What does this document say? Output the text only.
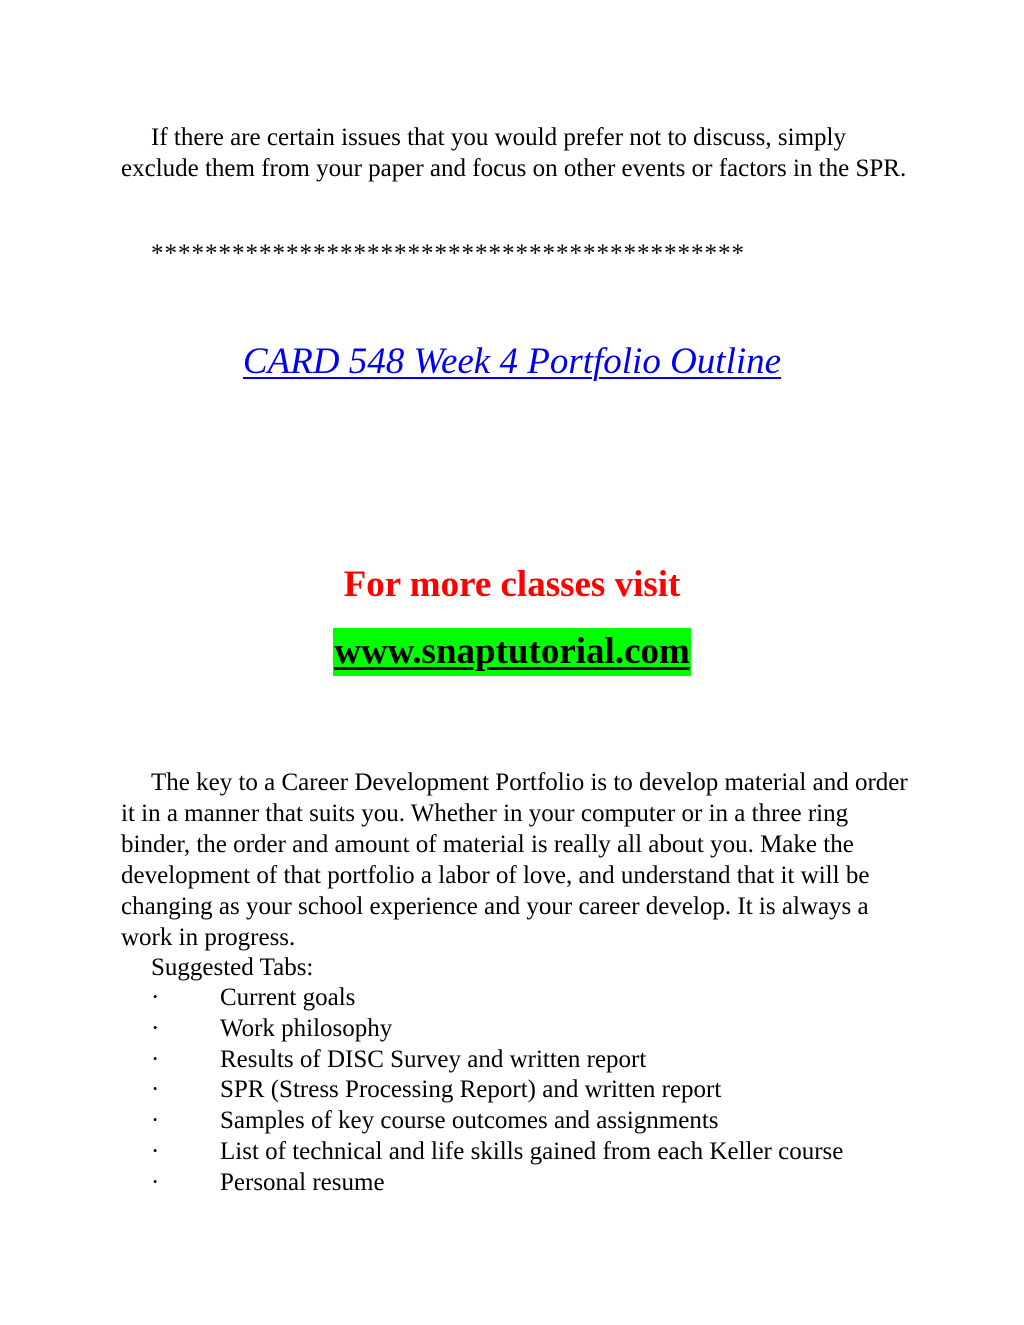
If there are certain issues that you would prefer not to discuss, simply exclude them from your paper and focus on other events or factors in the SPR.

********************************************
CARD 548 Week 4 Portfolio Outline
For more classes visit
www.snaptutorial.com

The key to a Career Development Portfolio is to develop material and order it in a manner that suits you. Whether in your computer or in a three ring binder, the order and amount of material is really all about you. Make the development of that portfolio a labor of love, and understand that it will be changing as your school experience and your career develop. It is always a work in progress.

Suggested Tabs:
·	Current goals
·	Work philosophy
·	Results of DISC Survey and written report
·	SPR (Stress Processing Report) and written report
·	Samples of key course outcomes and assignments
·	List of technical and life skills gained from each Keller course
·	Personal resume
